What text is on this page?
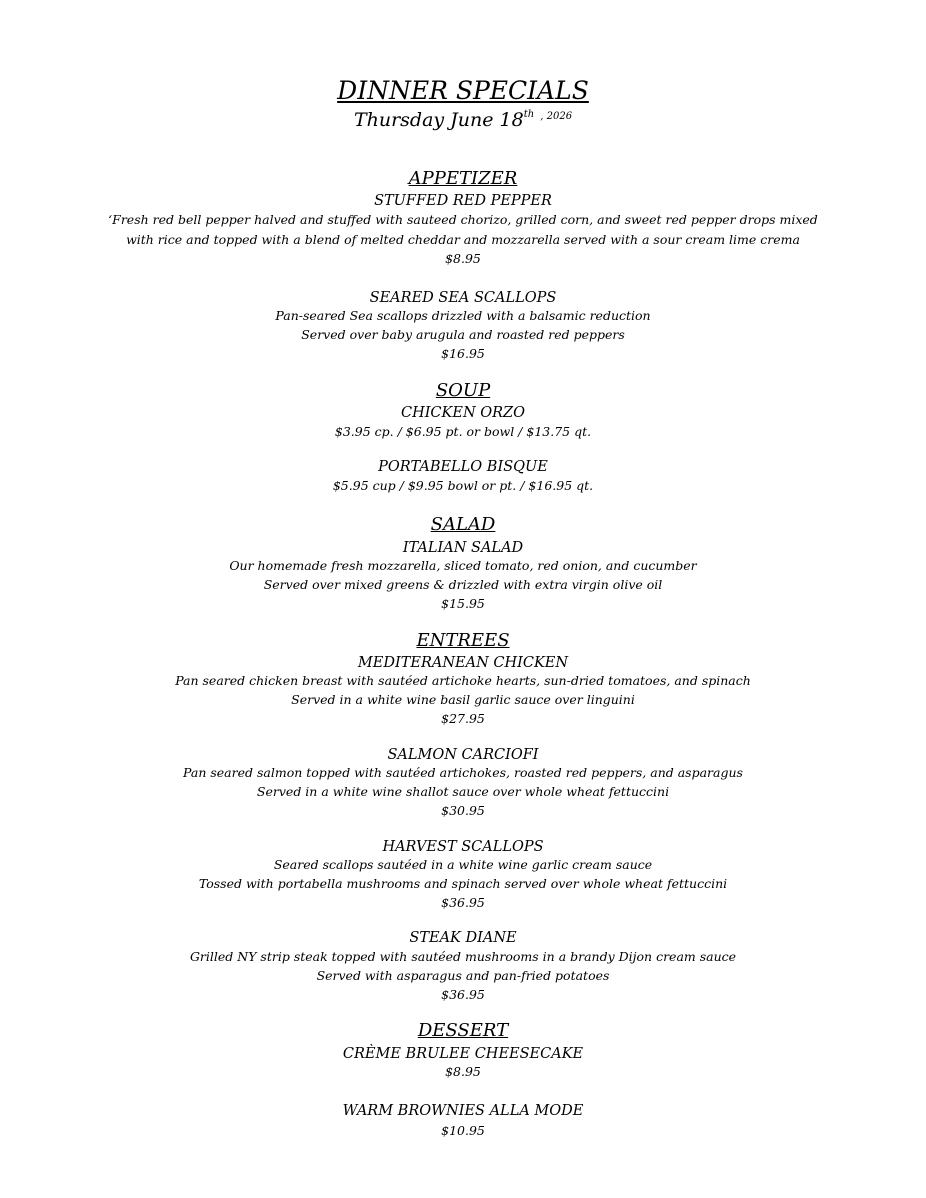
DINNER SPECIALS
Thursday June 18th $^{, 2026}$
APPETIZER
STUFFED RED PEPPER
‘Fresh red bell pepper halved and stuffed with sauteed chorizo, grilled corn, and sweet red pepper drops mixed
with rice and topped with a blend of melted cheddar and mozzarella served with a sour cream lime crema
$8.95
SEARED SEA SCALLOPS
Pan-seared Sea scallops drizzled with a balsamic reduction
Served over baby arugula and roasted red peppers
$16.95
SOUP
CHICKEN ORZO
$3.95 cp. / $6.95 pt. or bowl / $13.75 qt.
PORTABELLO BISQUE
$5.95 cup / $9.95 bowl or pt. / $16.95 qt.
SALAD
ITALIAN SALAD
Our homemade fresh mozzarella, sliced tomato, red onion, and cucumber
Served over mixed greens & drizzled with extra virgin olive oil
$15.95
ENTREES
MEDITERANEAN CHICKEN
Pan seared chicken breast with sautéed artichoke hearts, sun-dried tomatoes, and spinach
Served in a white wine basil garlic sauce over linguini
$27.95
SALMON CARCIOFI
Pan seared salmon topped with sautéed artichokes, roasted red peppers, and asparagus
Served in a white wine shallot sauce over whole wheat fettuccini
$30.95
HARVEST SCALLOPS
Seared scallops sautéed in a white wine garlic cream sauce
Tossed with portabella mushrooms and spinach served over whole wheat fettuccini
$36.95
STEAK DIANE
Grilled NY strip steak topped with sautéed mushrooms in a brandy Dijon cream sauce
Served with asparagus and pan-fried potatoes
$36.95
DESSERT
CRÈME BRULEE CHEESECAKE
$8.95
WARM BROWNIES ALLA MODE
$10.95
